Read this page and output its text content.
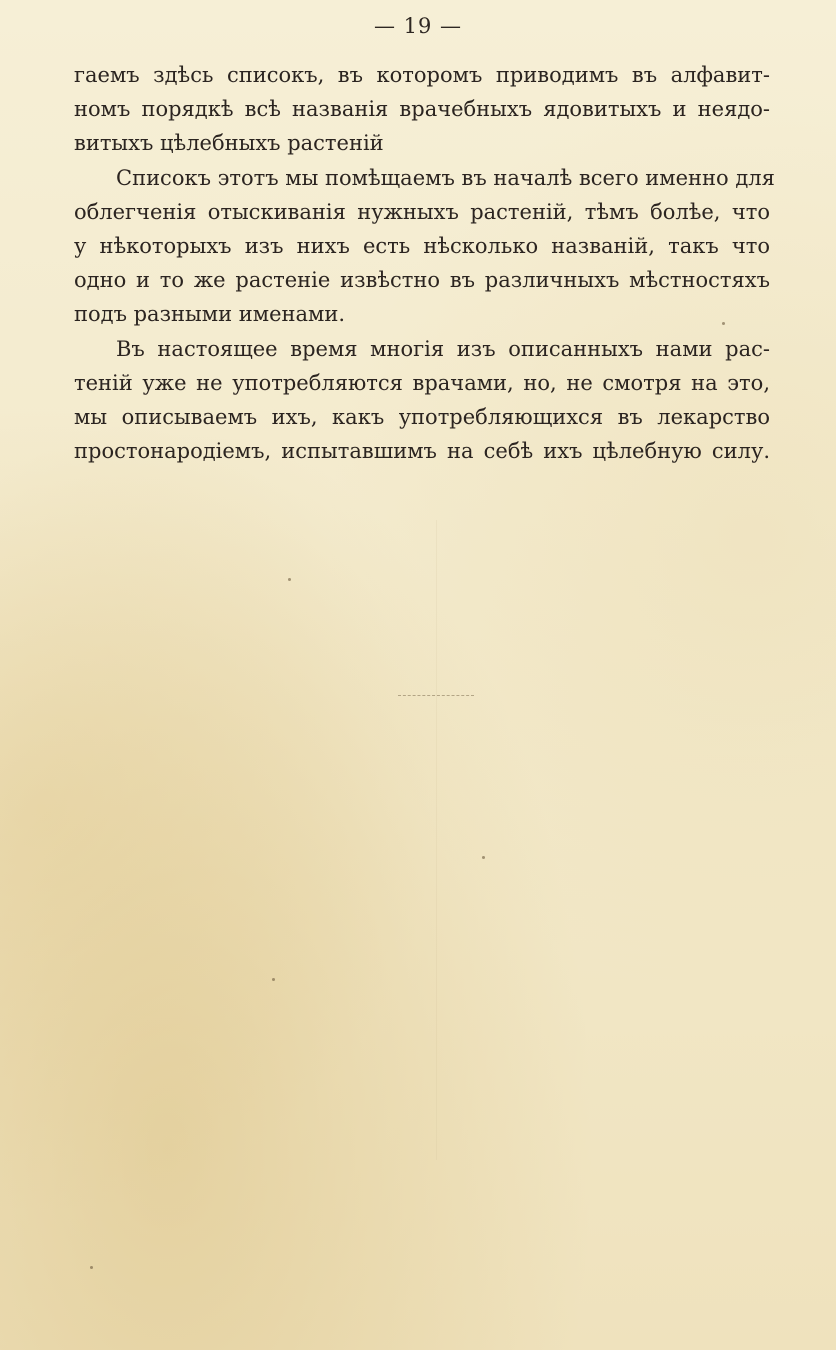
— 19 —
гаемъ здѣсь списокъ, въ которомъ приводимъ въ алфавит-
номъ порядкѣ всѣ названія врачебныхъ ядовитыхъ и неядо-
витыхъ цѣлебныхъ растеній
Списокъ этотъ мы помѣщаемъ въ началѣ всего именно для
облегченія отыскиванія нужныхъ растеній, тѣмъ болѣе, что
у нѣкоторыхъ изъ нихъ есть нѣсколько названій, такъ что
одно и то же растеніе извѣстно въ различныхъ мѣстностяхъ
подъ разными именами.
Въ настоящее время многія изъ описанныхъ нами рас-
теній уже не употребляются врачами, но, не смотря на это,
мы описываемъ ихъ, какъ употребляющихся въ лекарство
простонародіемъ, испытавшимъ на себѣ ихъ цѣлебную силу.
